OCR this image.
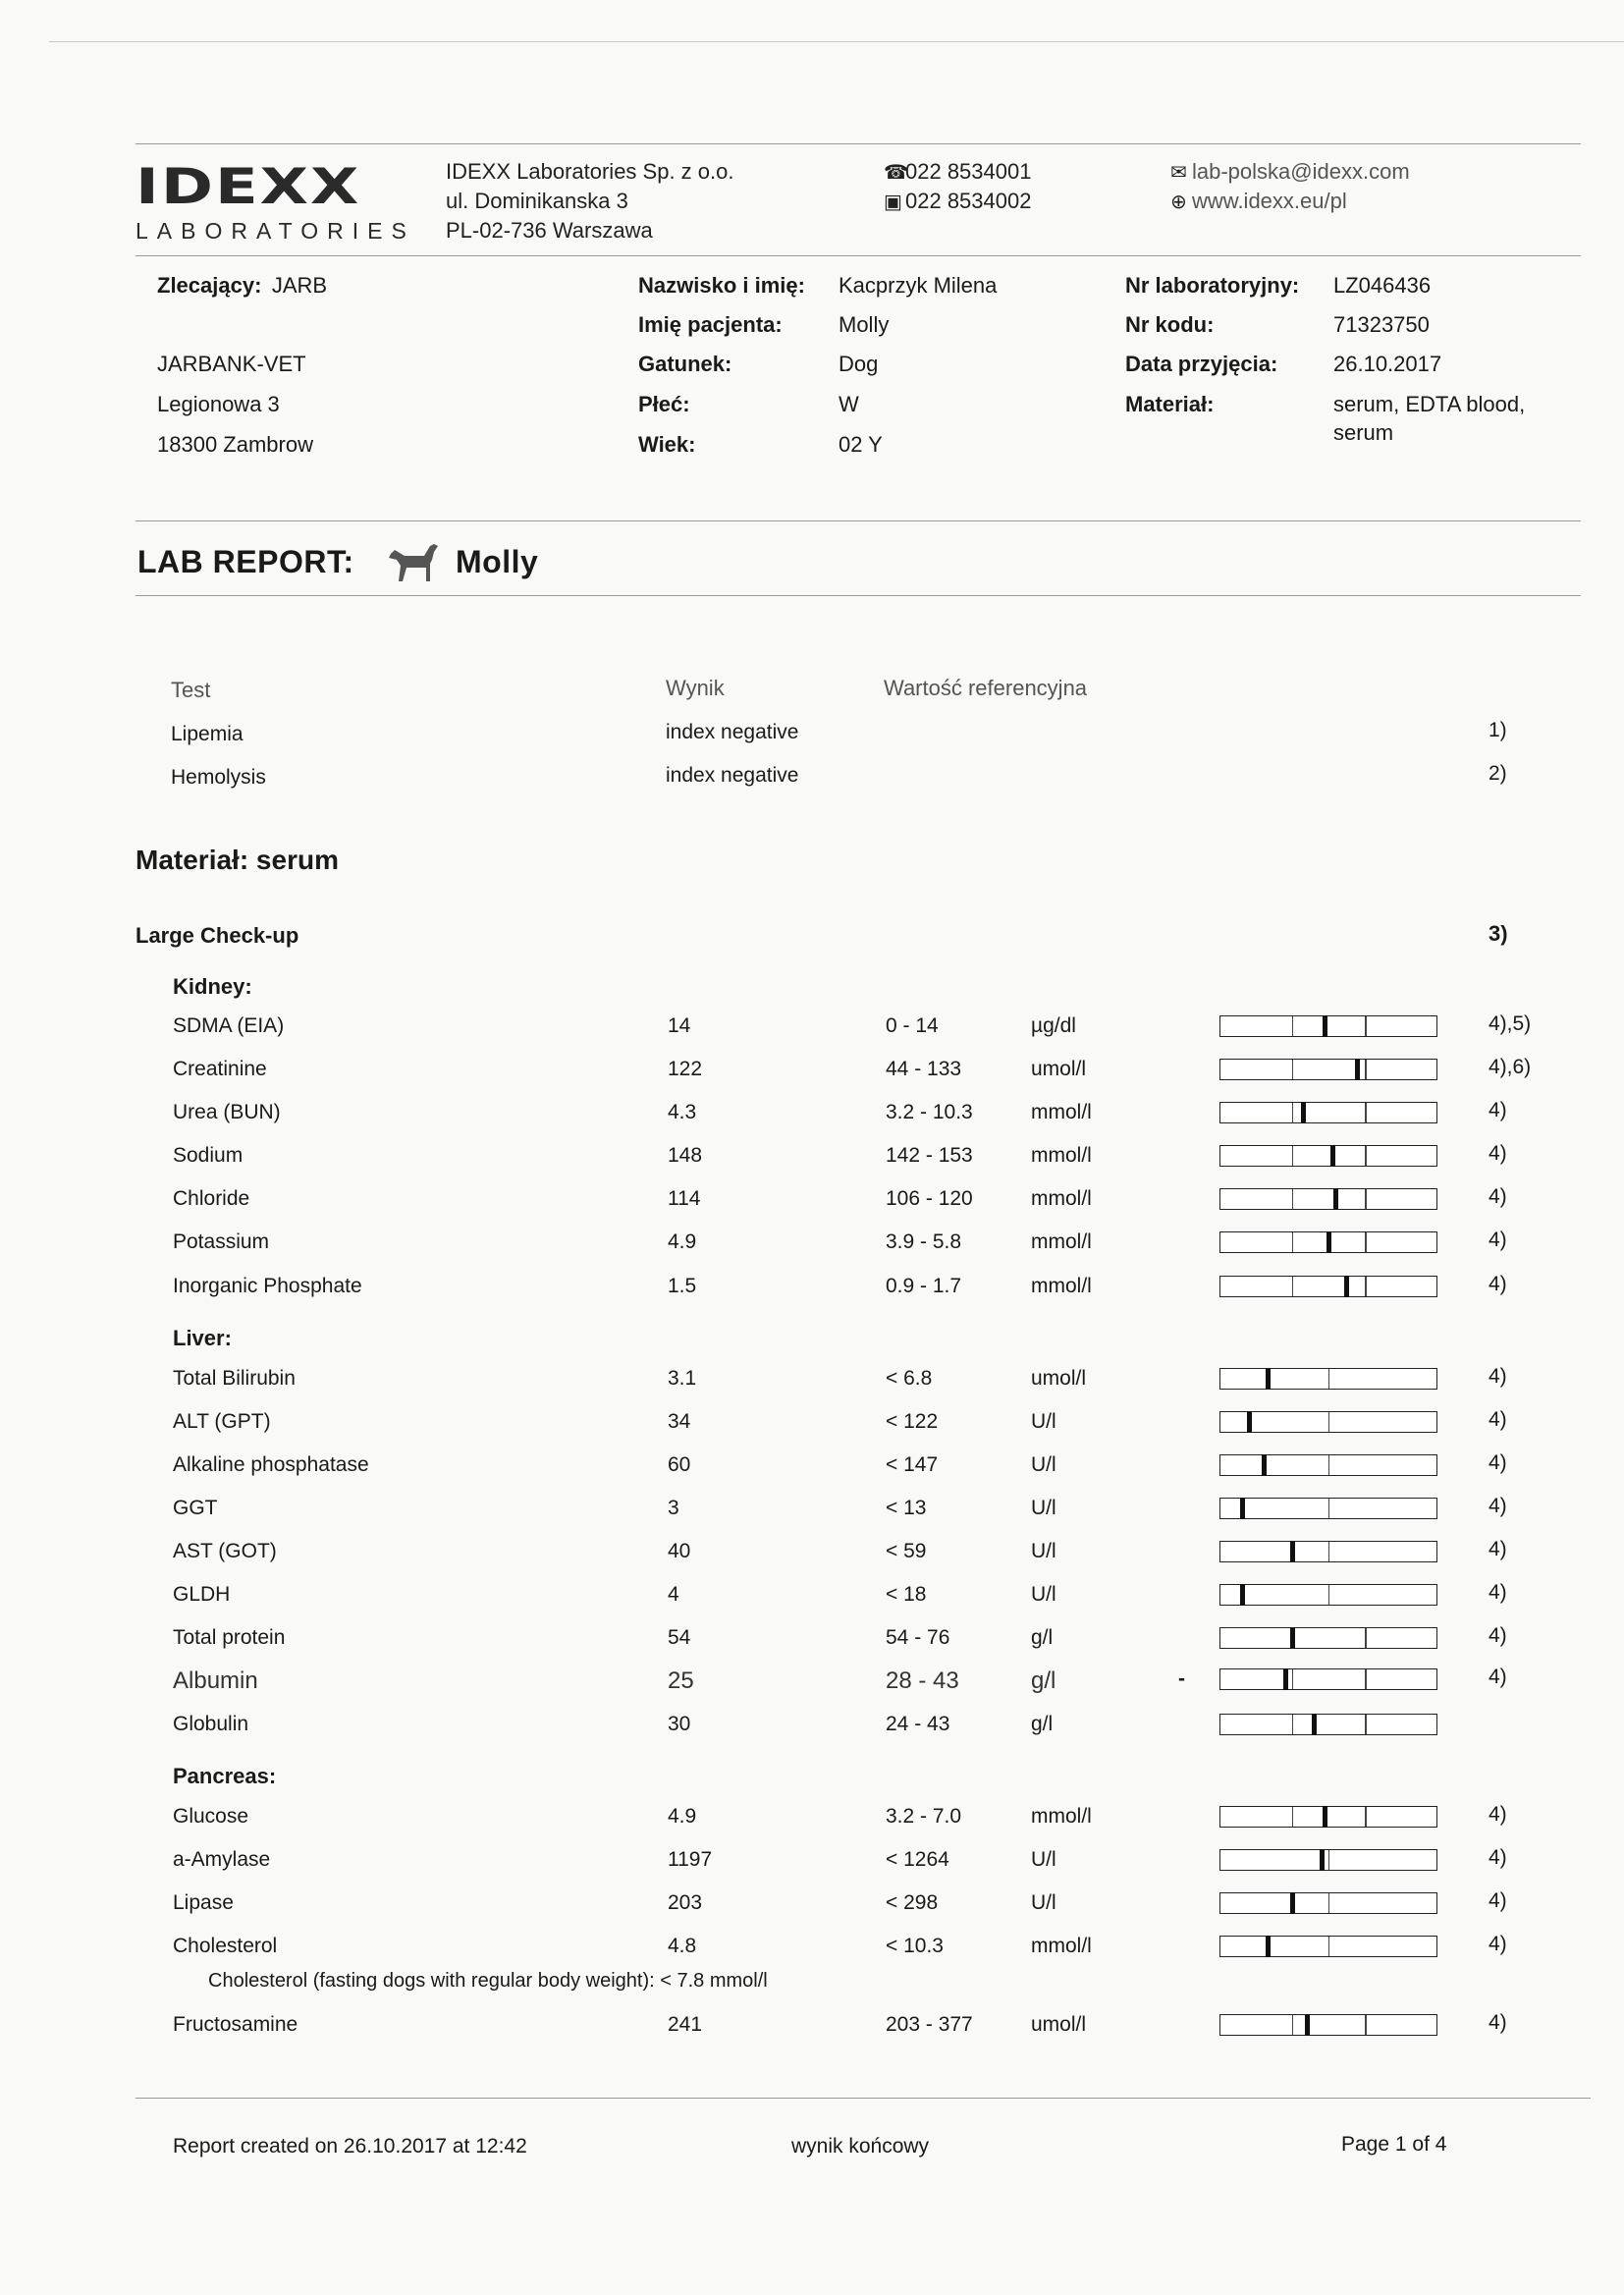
IDEXX
LABORATORIES
IDEXX Laboratories Sp. z o.o.
ul. Dominikanska 3
PL-02-736 Warszawa
☎022 8534001
▣ 022 8534002
✉ lab-polska@idexx.com
⊕ www.idexx.eu/pl
Zlecający: JARB
JARBANK-VET
Legionowa 3
18300 Zambrow
Nazwisko i imię: Kacprzyk Milena
Imię pacjenta:	Molly
Gatunek:	Dog
Płeć:	W
Wiek:	02 Y
Nr laboratoryjny: LZ046436
Nr kodu:	71323750
Data przyjęcia:	26.10.2017
Materiał:	serum, EDTA blood,
serum
LAB REPORT:	Molly
Test	Wynik	Wartość referencyjna
Lipemia	index negative	1)
Hemolysis	index negative	2)
Materiał: serum
Large Check-up	3)
Kidney:
Liver:
Pancreas:
SDMA (EIA)	14	0 - 14	µg/dl	4),5)
Creatinine	122	44 - 133	umol/l	4),6)
Urea (BUN)	4.3	3.2 - 10.3	mmol/l	4)
Sodium	148	142 - 153	mmol/l	4)
Chloride	114	106 - 120	mmol/l	4)
Potassium	4.9	3.9 - 5.8	mmol/l	4)
Inorganic Phosphate	1.5	0.9 - 1.7	mmol/l	4)
Total Bilirubin	3.1	< 6.8	umol/l	4)
ALT (GPT)	34	< 122	U/l	4)
Alkaline phosphatase	60	< 147	U/l	4)
GGT	3	< 13	U/l	4)
AST (GOT)	40	< 59	U/l	4)
GLDH	4	< 18	U/l	4)
Total protein	54	54 - 76	g/l	4)
Albumin	25	28 - 43	g/l	4)
-
Globulin	30	24 - 43	g/l
Glucose	4.9	3.2 - 7.0	mmol/l	4)
a-Amylase	1197	< 1264	U/l	4)
Lipase	203	< 298	U/l	4)
Cholesterol	4.8	< 10.3	mmol/l	4)
Fructosamine	241	203 - 377	umol/l	4)
Cholesterol (fasting dogs with regular body weight): < 7.8 mmol/l
Report created on 26.10.2017 at 12:42	wynik końcowy	Page 1 of 4
